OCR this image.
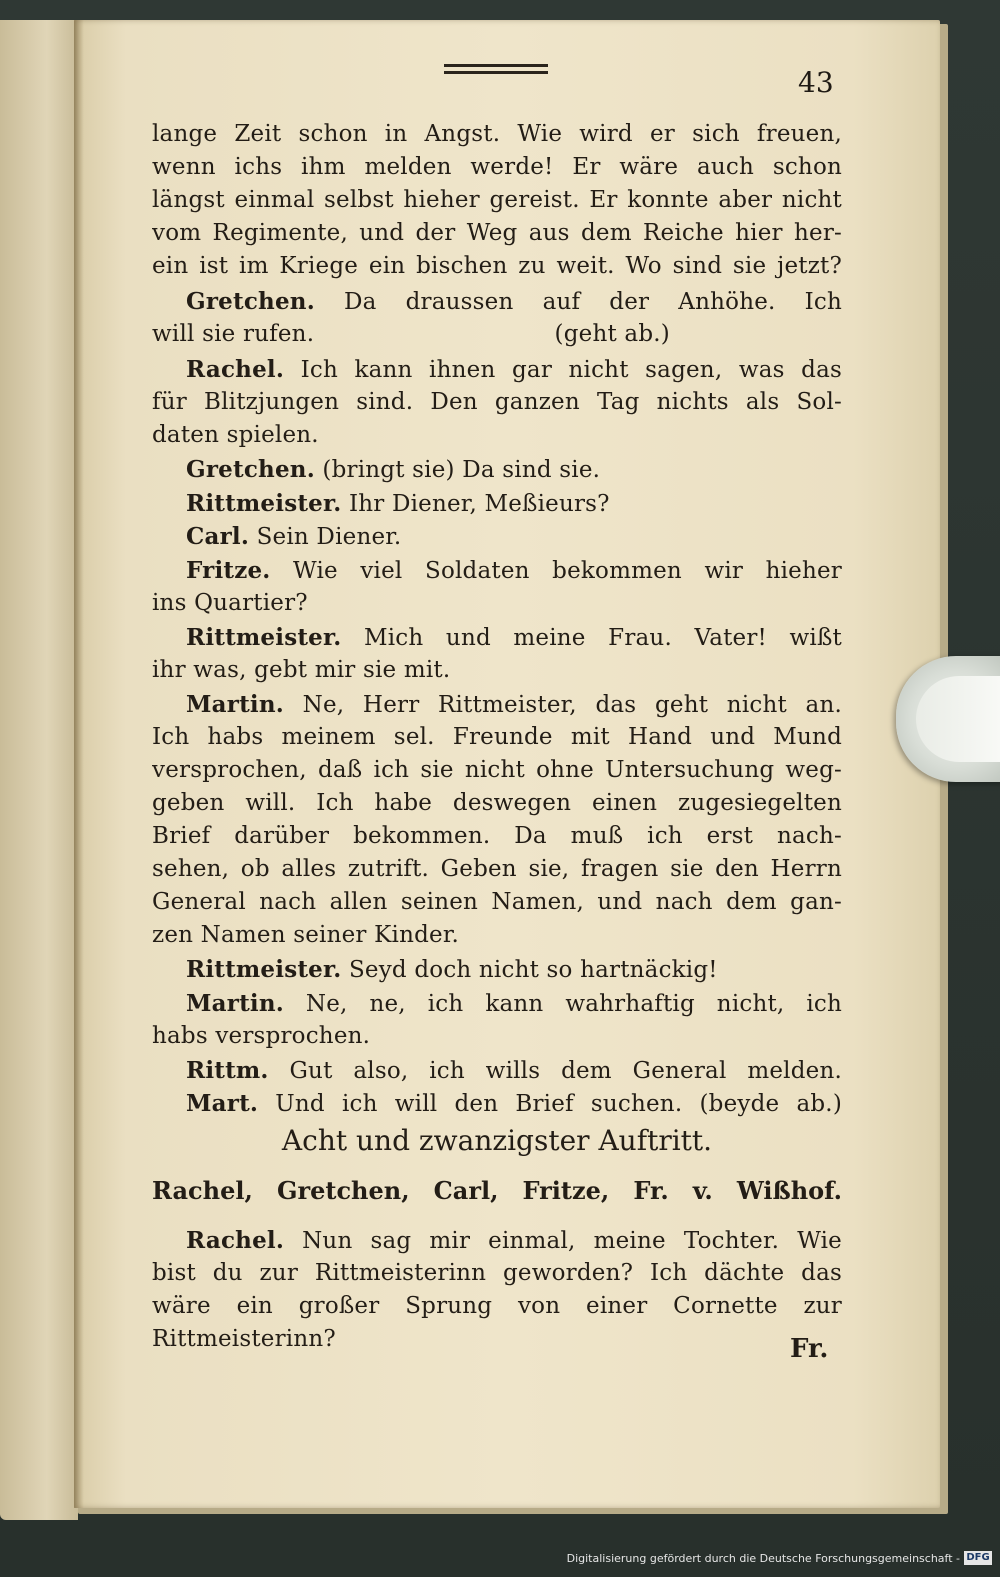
43
lange Zeit schon in Angst. Wie wird er sich freuen,
wenn ichs ihm melden werde! Er wäre auch schon
längst einmal selbst hieher gereist. Er konnte aber nicht
vom Regimente, und der Weg aus dem Reiche hier her-
ein ist im Kriege ein bischen zu weit. Wo sind sie jetzt?
Gretchen. Da draussen auf der Anhöhe. Ich
will sie rufen.                                (geht ab.)
Rachel. Ich kann ihnen gar nicht sagen, was das
für Blitzjungen sind. Den ganzen Tag nichts als Sol-
daten spielen.
Gretchen. (bringt sie) Da sind sie.
Rittmeister. Ihr Diener, Meßieurs?
Carl. Sein Diener.
Fritze. Wie viel Soldaten bekommen wir hieher
ins Quartier?
Rittmeister. Mich und meine Frau. Vater! wißt
ihr was, gebt mir sie mit.
Martin. Ne, Herr Rittmeister, das geht nicht an.
Ich habs meinem sel. Freunde mit Hand und Mund
versprochen, daß ich sie nicht ohne Untersuchung weg-
geben will. Ich habe deswegen einen zugesiegelten
Brief darüber bekommen. Da muß ich erst nach-
sehen, ob alles zutrift. Geben sie, fragen sie den Herrn
General nach allen seinen Namen, und nach dem gan-
zen Namen seiner Kinder.
Rittmeister. Seyd doch nicht so hartnäckig!
Martin. Ne, ne, ich kann wahrhaftig nicht, ich
habs versprochen.
Rittm. Gut also, ich wills dem General melden.
Mart. Und ich will den Brief suchen. (beyde ab.)
Acht und zwanzigster Auftritt.
Rachel, Gretchen, Carl, Fritze, Fr. v. Wißhof.
Rachel. Nun sag mir einmal, meine Tochter. Wie
bist du zur Rittmeisterinn geworden? Ich dächte das
wäre ein großer Sprung von einer Cornette zur
Rittmeisterinn?	Fr.
Digitalisierung gefördert durch die Deutsche Forschungsgemeinschaft - DFG
